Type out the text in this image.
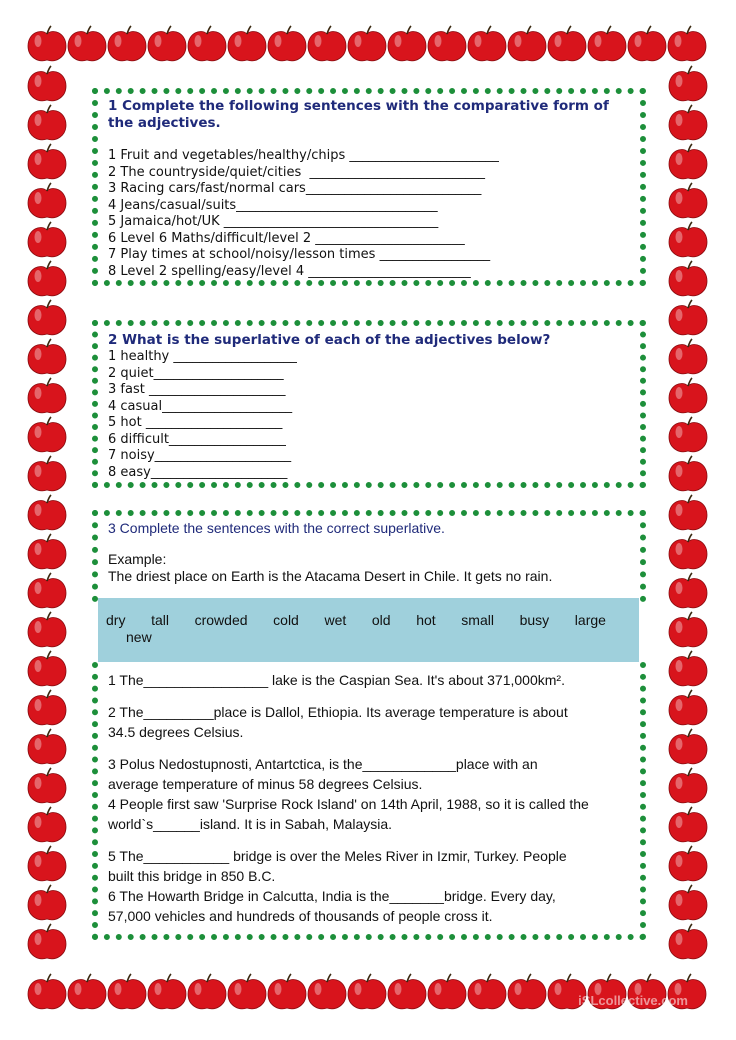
1 Complete the following sentences with the comparative form of
the adjectives.
1 Fruit and vegetables/healthy/chips _______________________
2 The countryside/quiet/cities  ___________________________
3 Racing cars/fast/normal cars___________________________
4 Jeans/casual/suits_______________________________
5 Jamaica/hot/UK _________________________________
6 Level 6 Maths/difficult/level 2 _______________________
7 Play times at school/noisy/lesson times _________________
8 Level 2 spelling/easy/level 4 _________________________
2 What is the superlative of each of the adjectives below?
1 healthy ___________________
2 quiet____________________
3 fast _____________________
4 casual____________________
5 hot _____________________
6 difficult__________________
7 noisy_____________________
8 easy_____________________
3 Complete the sentences with the correct superlative.
Example:
The driest place on Earth is the Atacama Desert in Chile. It gets no rain.
dry tall crowded cold wet old hot small busy large
new

1 The________________ lake is the Caspian Sea. It's about 371,000km².

2 The_________place is Dallol, Ethiopia. Its average temperature is about

34.5 degrees Celsius.

3 Polus Nedostupnosti, Antartctica, is the____________place with an

average temperature of minus 58 degrees Celsius.

4 People first saw 'Surprise Rock Island' on 14th April, 1988, so it is called the

world`s______island. It is in Sabah, Malaysia.

5 The___________ bridge is over the Meles River in Izmir, Turkey. People

built this bridge in 850 B.C.

6 The Howarth Bridge in Calcutta, India is the_______bridge. Every day,

57,000 vehicles and hundreds of thousands of people cross it.

iSLcollective.com
